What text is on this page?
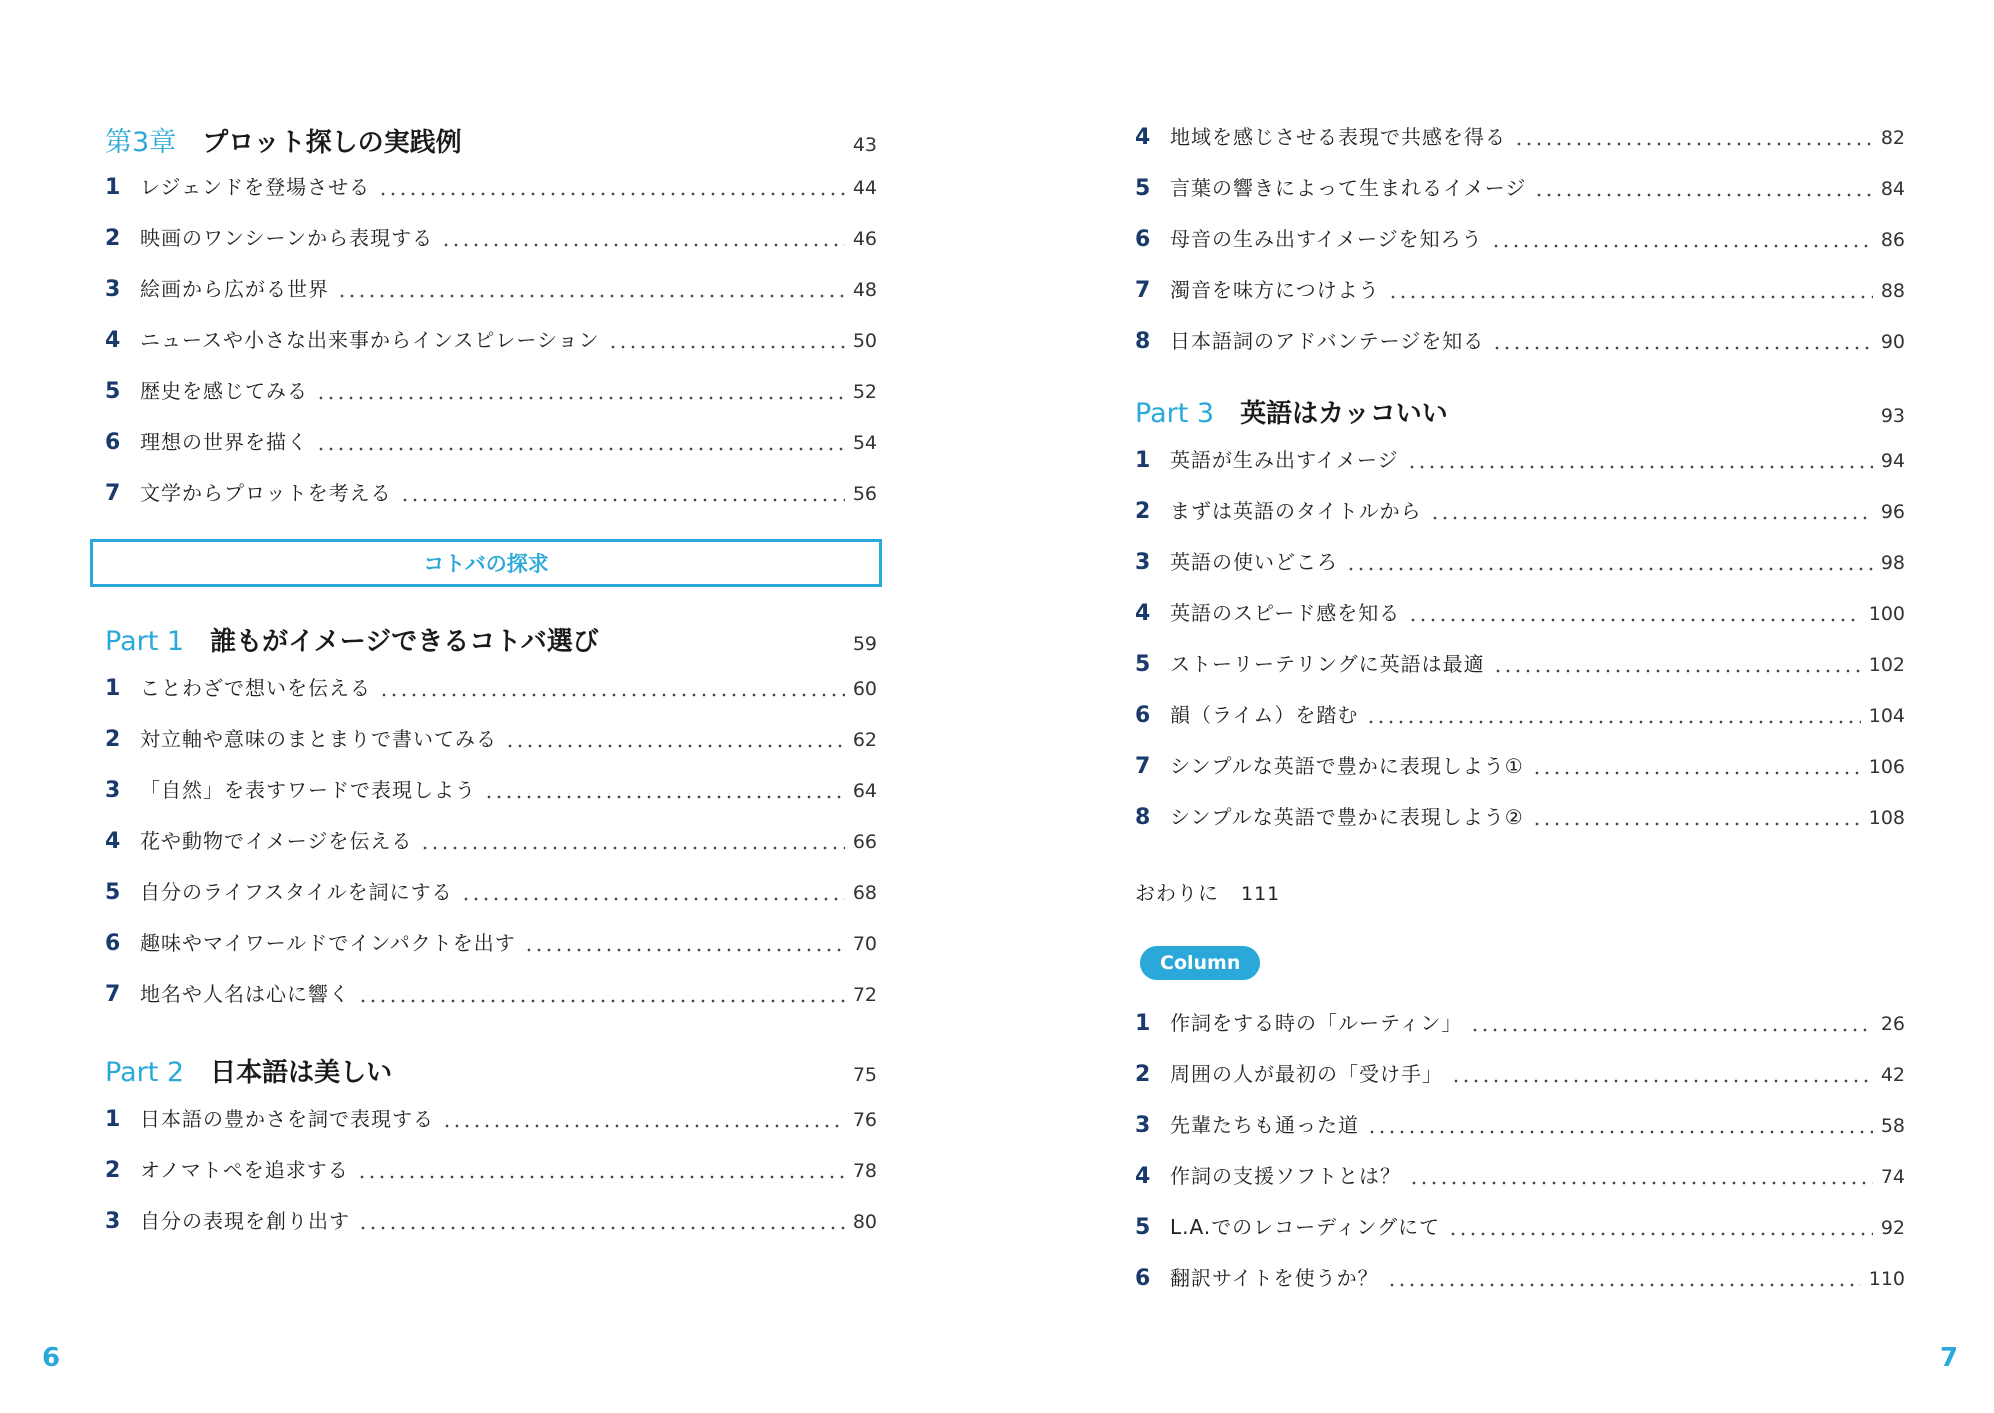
第3章 プロット探しの実践例	43
1 レジェンドを登場させる	44
2 映画のワンシーンから表現する	46
3 絵画から広がる世界	48
4 ニュースや小さな出来事からインスピレーション	50
5 歴史を感じてみる	52
6 理想の世界を描く	54
7 文学からプロットを考える	56
コトバの探求
Part 1 誰もがイメージできるコトバ選び	59
1 ことわざで想いを伝える	60
2 対立軸や意味のまとまりで書いてみる	62
3 「自然」を表すワードで表現しよう	64
4 花や動物でイメージを伝える	66
5 自分のライフスタイルを詞にする	68
6 趣味やマイワールドでインパクトを出す	70
7 地名や人名は心に響く	72
Part 2 日本語は美しい	75
1 日本語の豊かさを詞で表現する	76
2 オノマトペを追求する	78
3 自分の表現を創り出す	80
4 地域を感じさせる表現で共感を得る	82
5 言葉の響きによって生まれるイメージ	84
6 母音の生み出すイメージを知ろう	86
7 濁音を味方につけよう	88
8 日本語詞のアドバンテージを知る	90
Part 3 英語はカッコいい	93
1 英語が生み出すイメージ	94
2 まずは英語のタイトルから	96
3 英語の使いどころ	98
4 英語のスピード感を知る	100
5 ストーリーテリングに英語は最適	102
6 韻（ライム）を踏む	104
7 シンプルな英語で豊かに表現しよう①	106
8 シンプルな英語で豊かに表現しよう②	108
おわりに 111
Column
1 作詞をする時の「ルーティン」	26
2 周囲の人が最初の「受け手」	42
3 先輩たちも通った道	58
4 作詞の支援ソフトとは？	74
5 L.A.でのレコーディングにて	92
6 翻訳サイトを使うか？	110
6	7
